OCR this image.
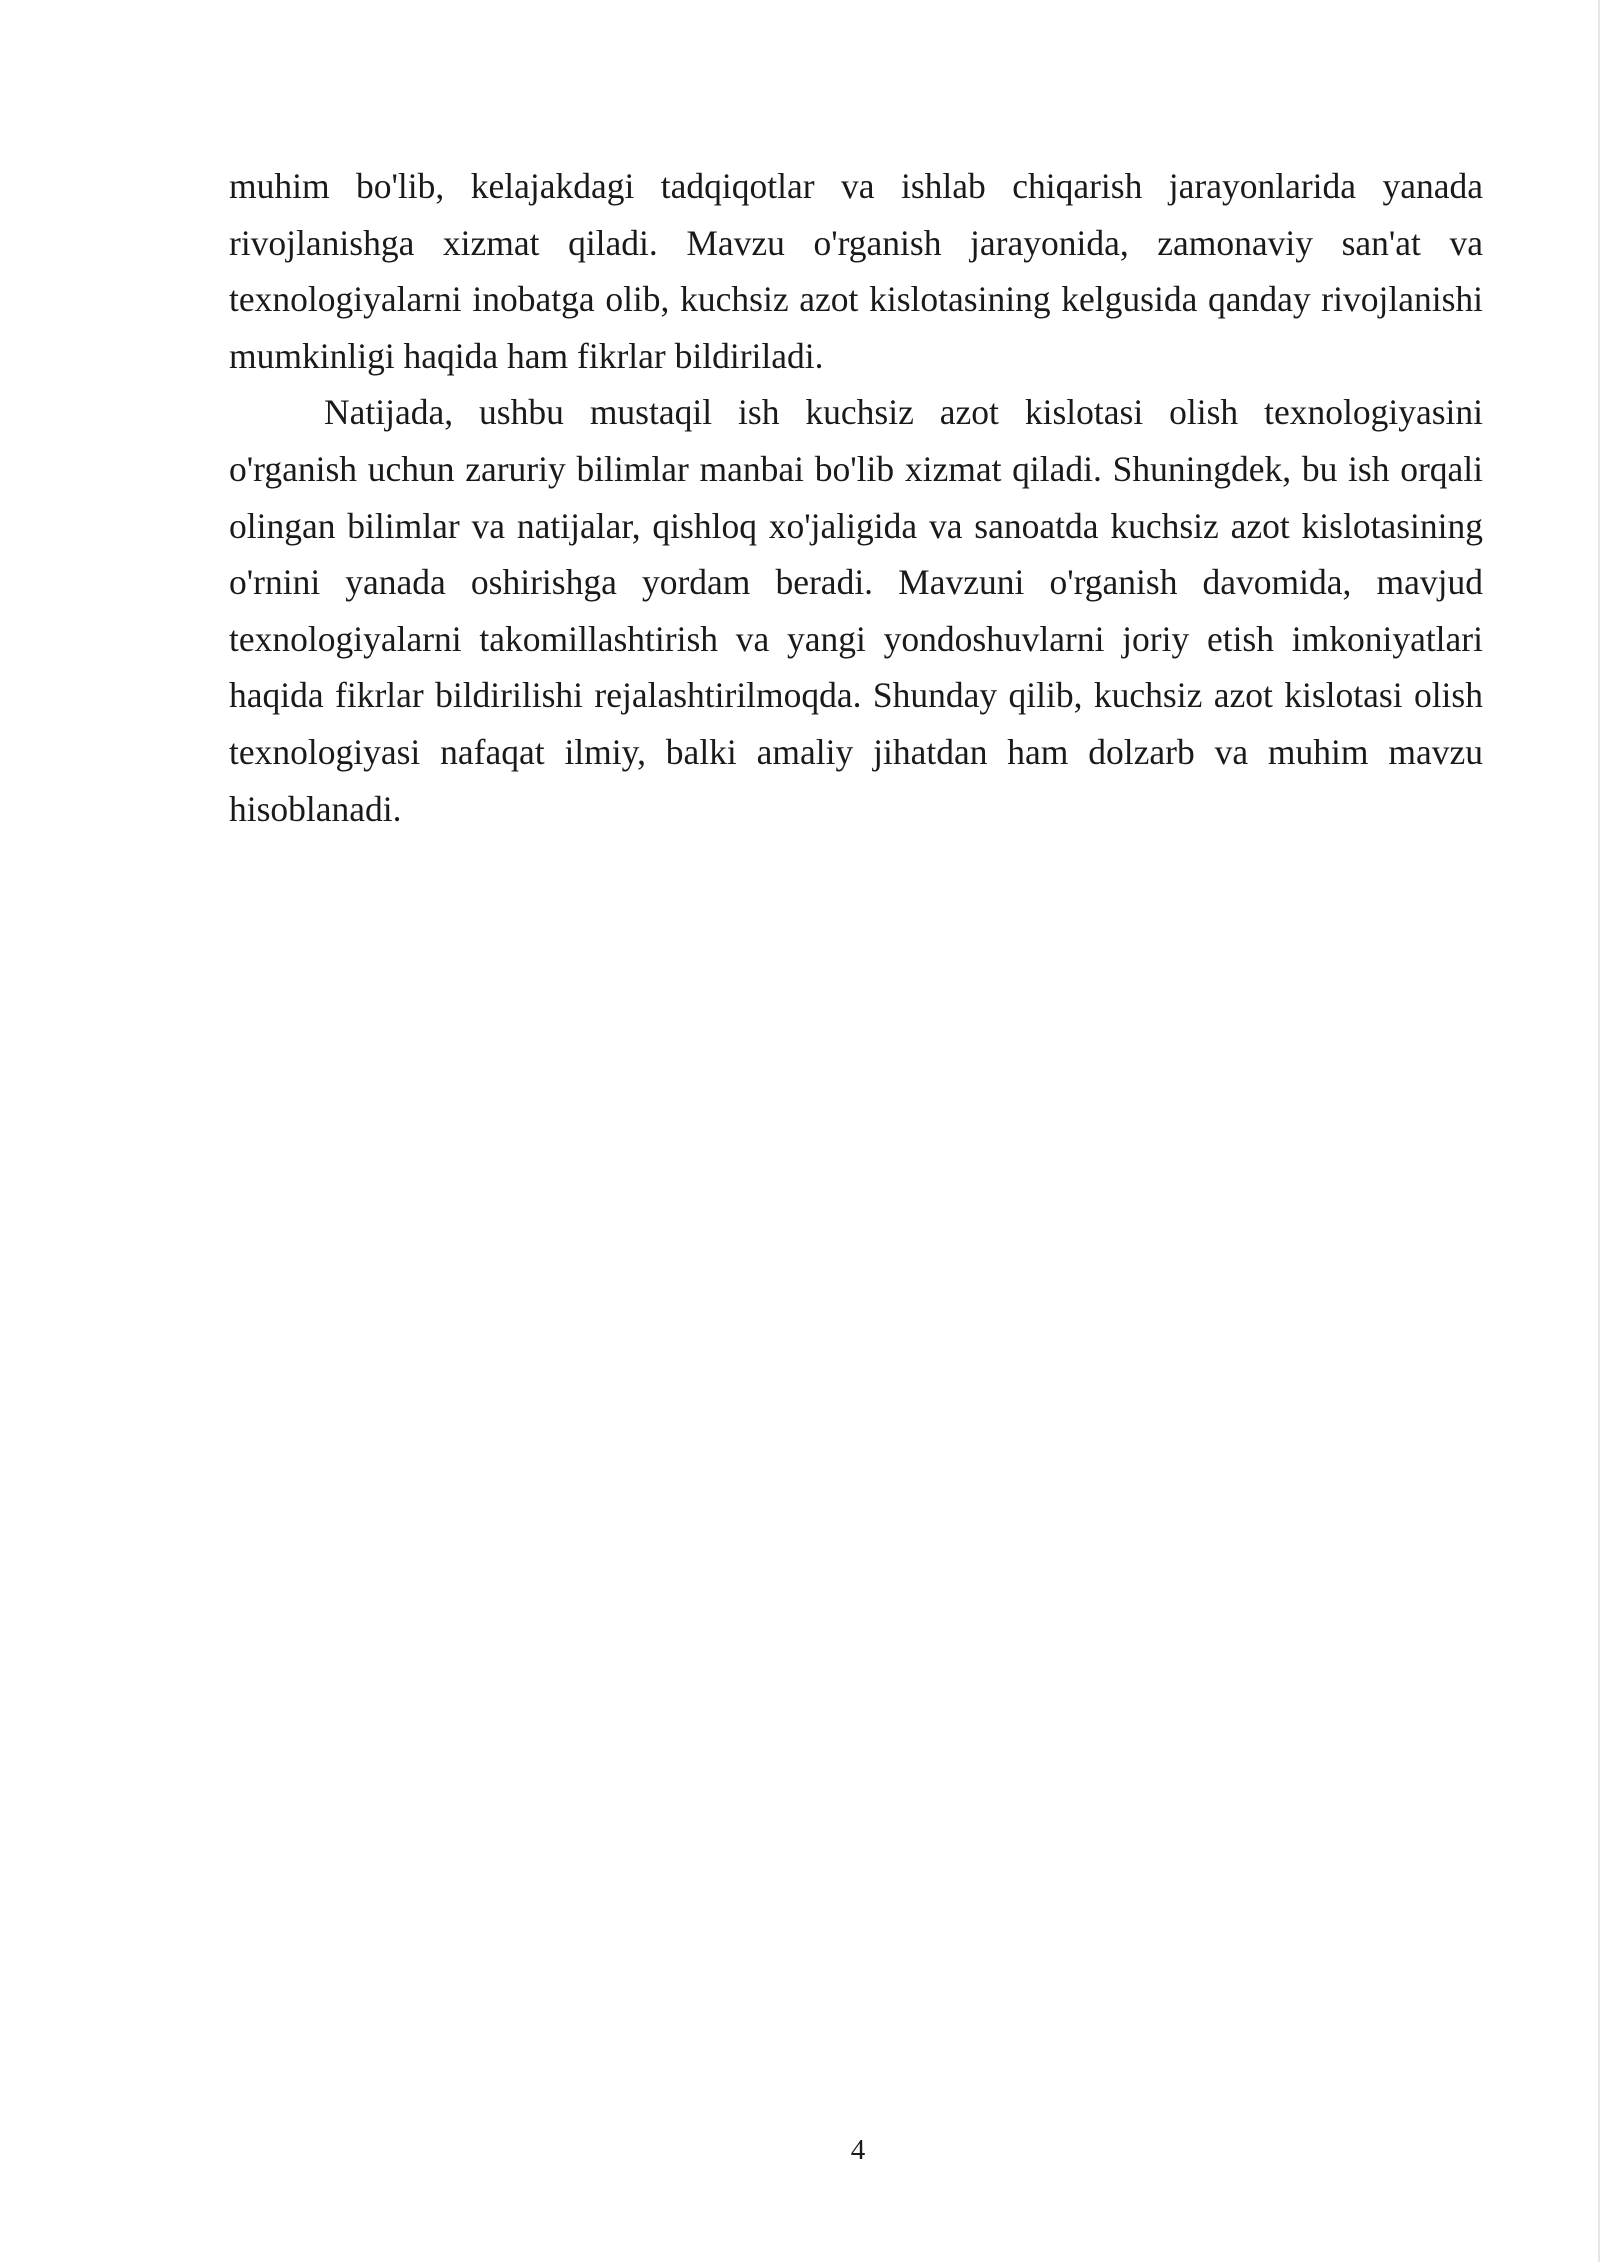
muhim bo'lib, kelajakdagi tadqiqotlar va ishlab chiqarish jarayonlarida yanada rivojlanishga xizmat qiladi. Mavzu o'rganish jarayonida, zamonaviy san'at va texnologiyalarni inobatga olib, kuchsiz azot kislotasining kelgusida qanday rivojlanishi mumkinligi haqida ham fikrlar bildiriladi.

Natijada, ushbu mustaqil ish kuchsiz azot kislotasi olish texnologiyasini o'rganish uchun zaruriy bilimlar manbai bo'lib xizmat qiladi. Shuningdek, bu ish orqali olingan bilimlar va natijalar, qishloq xo'jaligida va sanoatda kuchsiz azot kislotasining o'rnini yanada oshirishga yordam beradi. Mavzuni o'rganish davomida, mavjud texnologiyalarni takomillashtirish va yangi yondoshuvlarni joriy etish imkoniyatlari haqida fikrlar bildirilishi rejalashtirilmoqda. Shunday qilib, kuchsiz azot kislotasi olish texnologiyasi nafaqat ilmiy, balki amaliy jihatdan ham dolzarb va muhim mavzu hisoblanadi.

4
